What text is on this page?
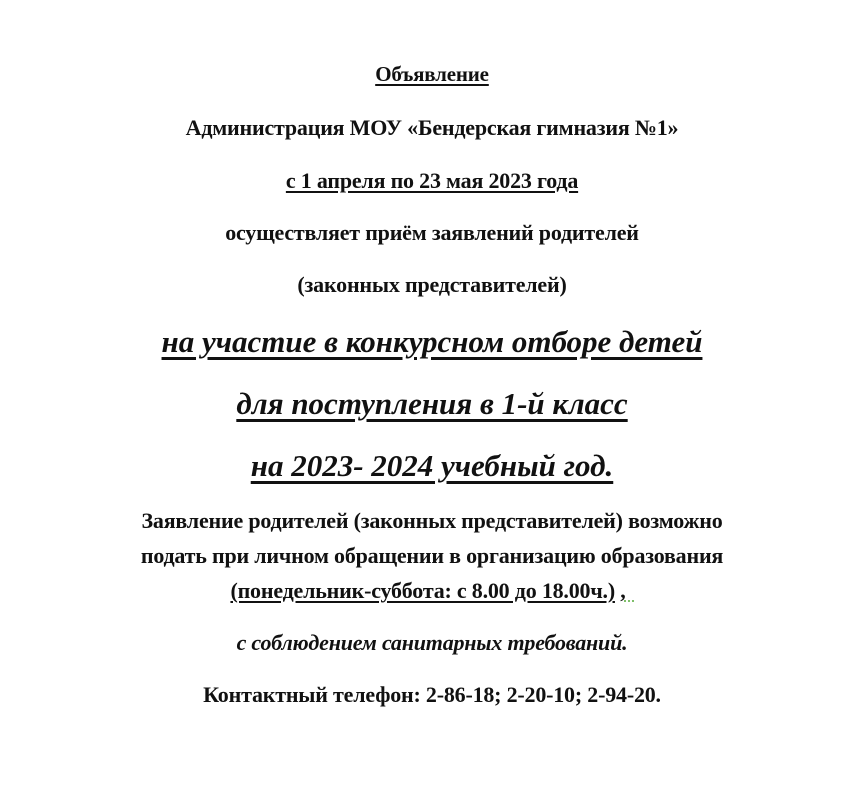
Объявление
Администрация МОУ «Бендерская гимназия №1»
с 1 апреля по 23 мая 2023 года
осуществляет приём заявлений родителей
(законных представителей)
на участие в конкурсном отборе детей
для поступления в 1-й класс
на 2023- 2024 учебный год.
Заявление родителей (законных представителей) возможно
подать при личном обращении в организацию образования
(понедельник-суббота: с 8.00 до 18.00ч.) ,
с соблюдением санитарных требований.
Контактный телефон: 2-86-18; 2-20-10; 2-94-20.
